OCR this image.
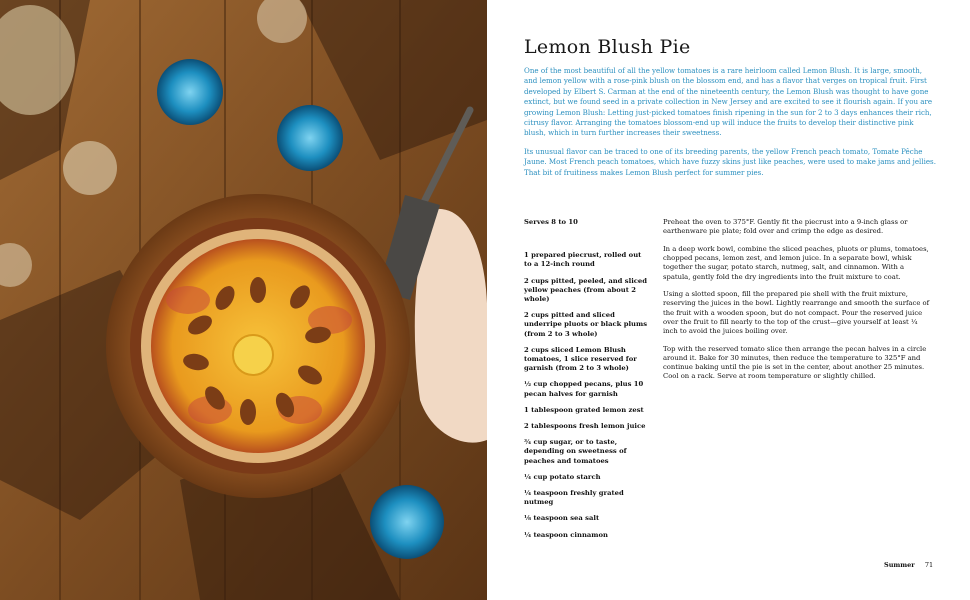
Lemon Blush Pie

One of the most beautiful of all the yellow tomatoes is a rare heirloom called Lemon Blush. It is large, smooth, and lemon yellow with a rose-pink blush on the blossom end, and has a flavor that verges on tropical fruit. First developed by Elbert S. Carman at the end of the nineteenth century, the Lemon Blush was thought to have gone extinct, but we found seed in a private collection in New Jersey and are excited to see it flourish again. If you are growing Lemon Blush: Letting just-picked tomatoes finish ripening in the sun for 2 to 3 days enhances their rich, citrusy flavor. Arranging the tomatoes blossom-end up will induce the fruits to develop their distinctive pink blush, which in turn further increases their sweetness.

Its unusual flavor can be traced to one of its breeding parents, the yellow French peach tomato, Tomate Pêche Jaune. Most French peach tomatoes, which have fuzzy skins just like peaches, were used to make jams and jellies. That bit of fruitiness makes Lemon Blush perfect for summer pies.

Serves 8 to 10

1 prepared piecrust, rolled out to a 12-inch round
2 cups pitted, peeled, and sliced yellow peaches (from about 2 whole)
2 cups pitted and sliced underripe pluots or black plums (from 2 to 3 whole)
2 cups sliced Lemon Blush tomatoes, 1 slice reserved for garnish (from 2 to 3 whole)
½ cup chopped pecans, plus 10 pecan halves for garnish
1 tablespoon grated lemon zest
2 tablespoons fresh lemon juice
¾ cup sugar, or to taste, depending on sweetness of peaches and tomatoes
¼ cup potato starch
¼ teaspoon freshly grated nutmeg
⅛ teaspoon sea salt
¼ teaspoon cinnamon

Preheat the oven to 375°F. Gently fit the piecrust into a 9-inch glass or earthenware pie plate; fold over and crimp the edge as desired.

In a deep work bowl, combine the sliced peaches, pluots or plums, tomatoes, chopped pecans, lemon zest, and lemon juice. In a separate bowl, whisk together the sugar, potato starch, nutmeg, salt, and cinnamon. With a spatula, gently fold the dry ingredients into the fruit mixture to coat.

Using a slotted spoon, fill the prepared pie shell with the fruit mixture, reserving the juices in the bowl. Lightly rearrange and smooth the surface of the fruit with a wooden spoon, but do not compact. Pour the reserved juice over the fruit to fill nearly to the top of the crust—give yourself at least ¼ inch to avoid the juices boiling over.

Top with the reserved tomato slice then arrange the pecan halves in a circle around it. Bake for 30 minutes, then reduce the temperature to 325°F and continue baking until the pie is set in the center, about another 25 minutes. Cool on a rack. Serve at room temperature or slightly chilled.

Summer 71
